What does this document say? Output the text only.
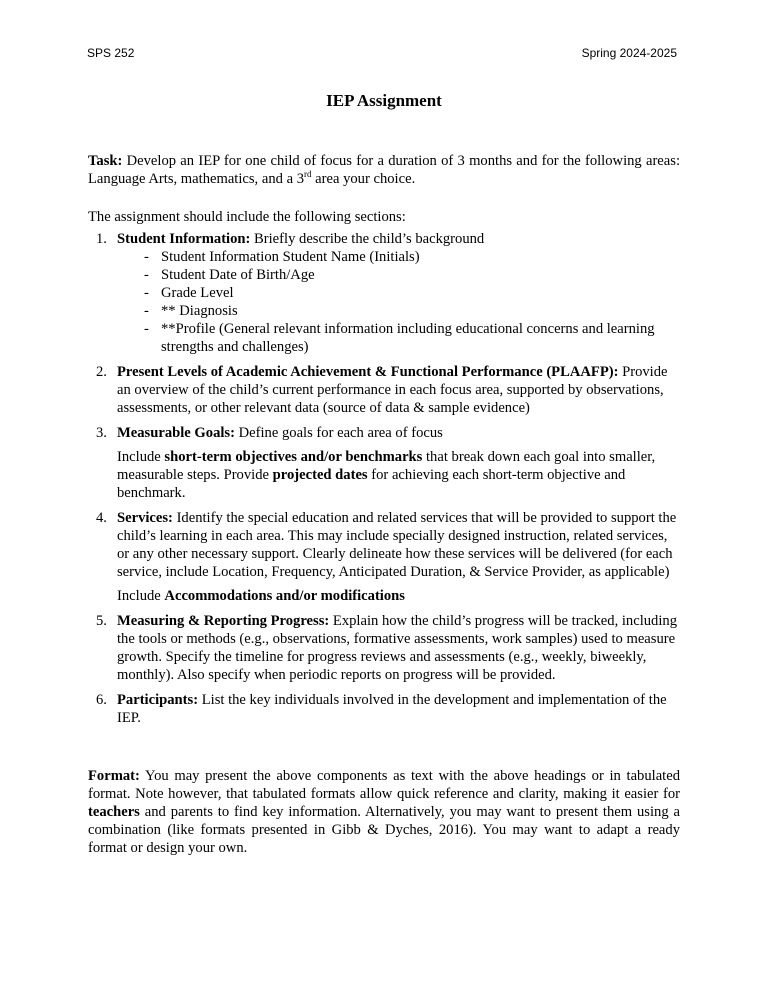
SPS 252	Spring 2024-2025
IEP Assignment

Task: Develop an IEP for one child of focus for a duration of 3 months and for the following areas: Language Arts, mathematics, and a 3rd area your choice.

The assignment should include the following sections:

1. Student Information: Briefly describe the child’s background
- Student Information Student Name (Initials)
- Student Date of Birth/Age
- Grade Level
- ** Diagnosis
- **Profile (General relevant information including educational concerns and learning strengths and challenges)
2. Present Levels of Academic Achievement & Functional Performance (PLAAFP): Provide an overview of the child’s current performance in each focus area, supported by observations, assessments, or other relevant data (source of data & sample evidence)
3. Measurable Goals: Define goals for each area of focus

Include short-term objectives and/or benchmarks that break down each goal into smaller, measurable steps. Provide projected dates for achieving each short-term objective and benchmark.

4. Services: Identify the special education and related services that will be provided to support the child’s learning in each area. This may include specially designed instruction, related services, or any other necessary support. Clearly delineate how these services will be delivered (for each service, include Location, Frequency, Anticipated Duration, & Service Provider, as applicable)

Include Accommodations and/or modifications

5. Measuring & Reporting Progress: Explain how the child’s progress will be tracked, including the tools or methods (e.g., observations, formative assessments, work samples) used to measure growth. Specify the timeline for progress reviews and assessments (e.g., weekly, biweekly, monthly). Also specify when periodic reports on progress will be provided.
6. Participants: List the key individuals involved in the development and implementation of the IEP.

Format: You may present the above components as text with the above headings or in tabulated format. Note however, that tabulated formats allow quick reference and clarity, making it easier for teachers and parents to find key information. Alternatively, you may want to present them using a combination (like formats presented in Gibb & Dyches, 2016). You may want to adapt a ready format or design your own.
